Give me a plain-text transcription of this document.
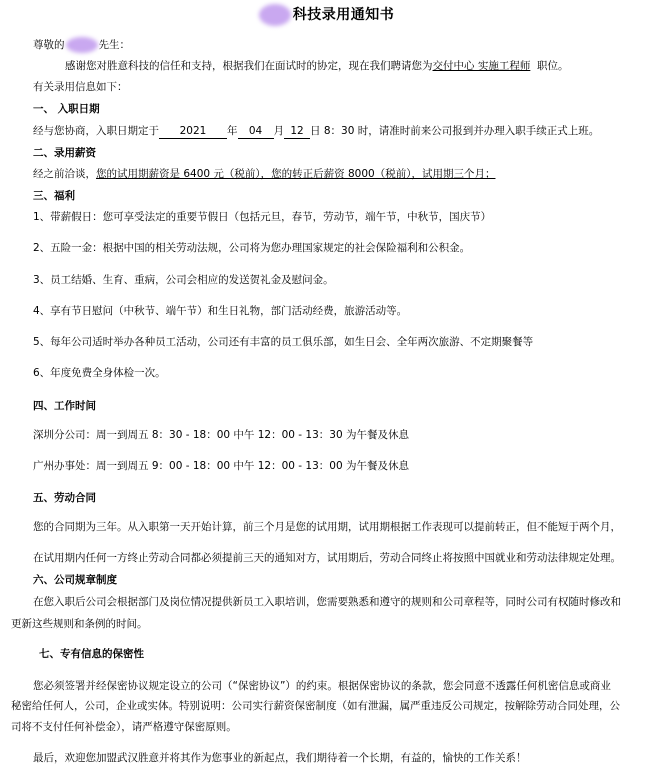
科技录用通知书
尊敬的	先生：
感谢您对胜意科技的信任和支持，根据我们在面试时的协定，现在我们聘请您为交付中心 实施工程师 职位。
有关录用信息如下：
一、 入职日期
经与您协商，入职日期定于 2021 年 04 月 12 日 8：30 时，请准时前来公司报到并办理入职手续正式上班。
二、录用薪资
经之前洽谈，您的试用期薪资是 6400 元（税前），您的转正后薪资 8000（税前），试用期三个月；
三、福利
1、带薪假日：您可享受法定的重要节假日（包括元旦，春节，劳动节，端午节，中秋节，国庆节）
2、五险一金：根据中国的相关劳动法规，公司将为您办理国家规定的社会保险福利和公积金。
3、员工结婚、生育、重病，公司会相应的发送贺礼金及慰问金。
4、享有节日慰问（中秋节、端午节）和生日礼物，部门活动经费，旅游活动等。
5、每年公司适时举办各种员工活动，公司还有丰富的员工俱乐部，如生日会、全年两次旅游、不定期聚餐等
6、年度免费全身体检一次。
四、工作时间
深圳分公司：周一到周五 8：30 - 18：00 中午 12：00 - 13：30 为午餐及休息
广州办事处：周一到周五 9：00 - 18：00 中午 12：00 - 13：00 为午餐及休息
五、劳动合同
您的合同期为三年。从入职第一天开始计算，前三个月是您的试用期，试用期根据工作表现可以提前转正，但不能短于两个月，
在试用期内任何一方终止劳动合同都必须提前三天的通知对方，试用期后，劳动合同终止将按照中国就业和劳动法律规定处理。
六、公司规章制度
在您入职后公司会根据部门及岗位情况提供新员工入职培训，您需要熟悉和遵守的规则和公司章程等，同时公司有权随时修改和
更新这些规则和条例的时间。
七、专有信息的保密性
您必须签署并经保密协议规定设立的公司（“保密协议”）的约束。根据保密协议的条款，您会同意不透露任何机密信息或商业
秘密给任何人，公司，企业或实体。特别说明：公司实行薪资保密制度（如有泄漏，属严重违反公司规定，按解除劳动合同处理，公
司将不支付任何补偿金），请严格遵守保密原则。
最后，欢迎您加盟武汉胜意并将其作为您事业的新起点，我们期待着一个长期，有益的，愉快的工作关系！
